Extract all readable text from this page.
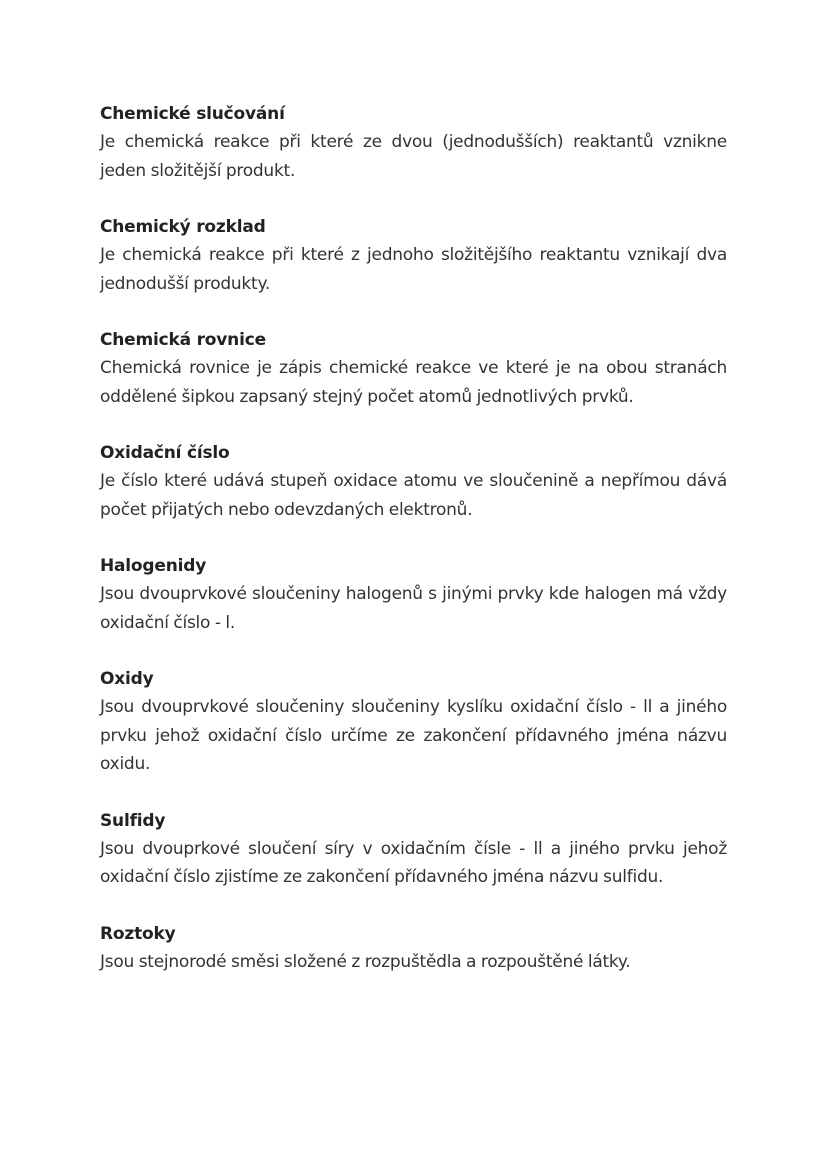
Chemické slučování
Je chemická reakce při které ze dvou (jednodušších) reaktantů vznikne jeden složitější produkt.
Chemický rozklad
Je chemická reakce při které z jednoho složitějšího reaktantu vznikají dva jednodušší produkty.
Chemická rovnice
Chemická rovnice je zápis chemické reakce ve které je na obou stranách oddělené šipkou zapsaný stejný počet atomů jednotlivých prvků.
Oxidační číslo
Je číslo které udává stupeň oxidace atomu ve sloučenině a nepřímou dává počet přijatých nebo odevzdaných elektronů.
Halogenidy
Jsou dvouprvkové sloučeniny halogenů s jinými prvky kde halogen má vždy oxidační číslo - l.
Oxidy
Jsou dvouprvkové sloučeniny sloučeniny kyslíku oxidační číslo - ll a jiného prvku jehož oxidační číslo určíme ze zakončení přídavného jména názvu oxidu.
Sulfidy
Jsou dvouprkové sloučení síry v oxidačním čísle - ll a jiného prvku jehož oxidační číslo zjistíme ze zakončení přídavného jména názvu sulfidu.
Roztoky
Jsou stejnorodé směsi složené z rozpuštědla a rozpouštěné látky.
